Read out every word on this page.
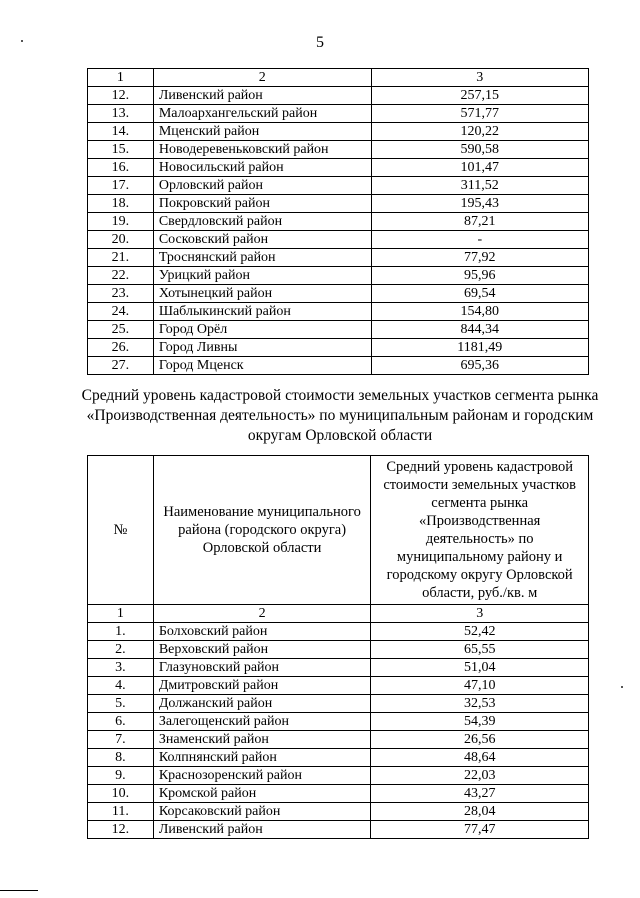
5
1	2	3
12.	Ливенский район	257,15
13.	Малоархангельский район	571,77
14.	Мценский район	120,22
15.	Новодеревеньковский район	590,58
16.	Новосильский район	101,47
17.	Орловский район	311,52
18.	Покровский район	195,43
19.	Свердловский район	87,21
20.	Сосковский район	-
21.	Троснянский район	77,92
22.	Урицкий район	95,96
23.	Хотынецкий район	69,54
24.	Шаблыкинский район	154,80
25.	Город Орёл	844,34
26.	Город Ливны	1181,49
27.	Город Мценск	695,36
Средний уровень кадастровой стоимости земельных участков сегмента рынка «Производственная деятельность» по муниципальным районам и городским округам Орловской области
№	Наименование муниципального района (городского округа) Орловской области	Средний уровень кадастровой стоимости земельных участков сегмента рынка «Производственная деятельность» по муниципальному району и городскому округу Орловской области, руб./кв. м
1	2	3
1.	Болховский район	52,42
2.	Верховский район	65,55
3.	Глазуновский район	51,04
4.	Дмитровский район	47,10
5.	Должанский район	32,53
6.	Залегощенский район	54,39
7.	Знаменский район	26,56
8.	Колпнянский район	48,64
9.	Краснозоренский район	22,03
10.	Кромской район	43,27
11.	Корсаковский район	28,04
12.	Ливенский район	77,47
